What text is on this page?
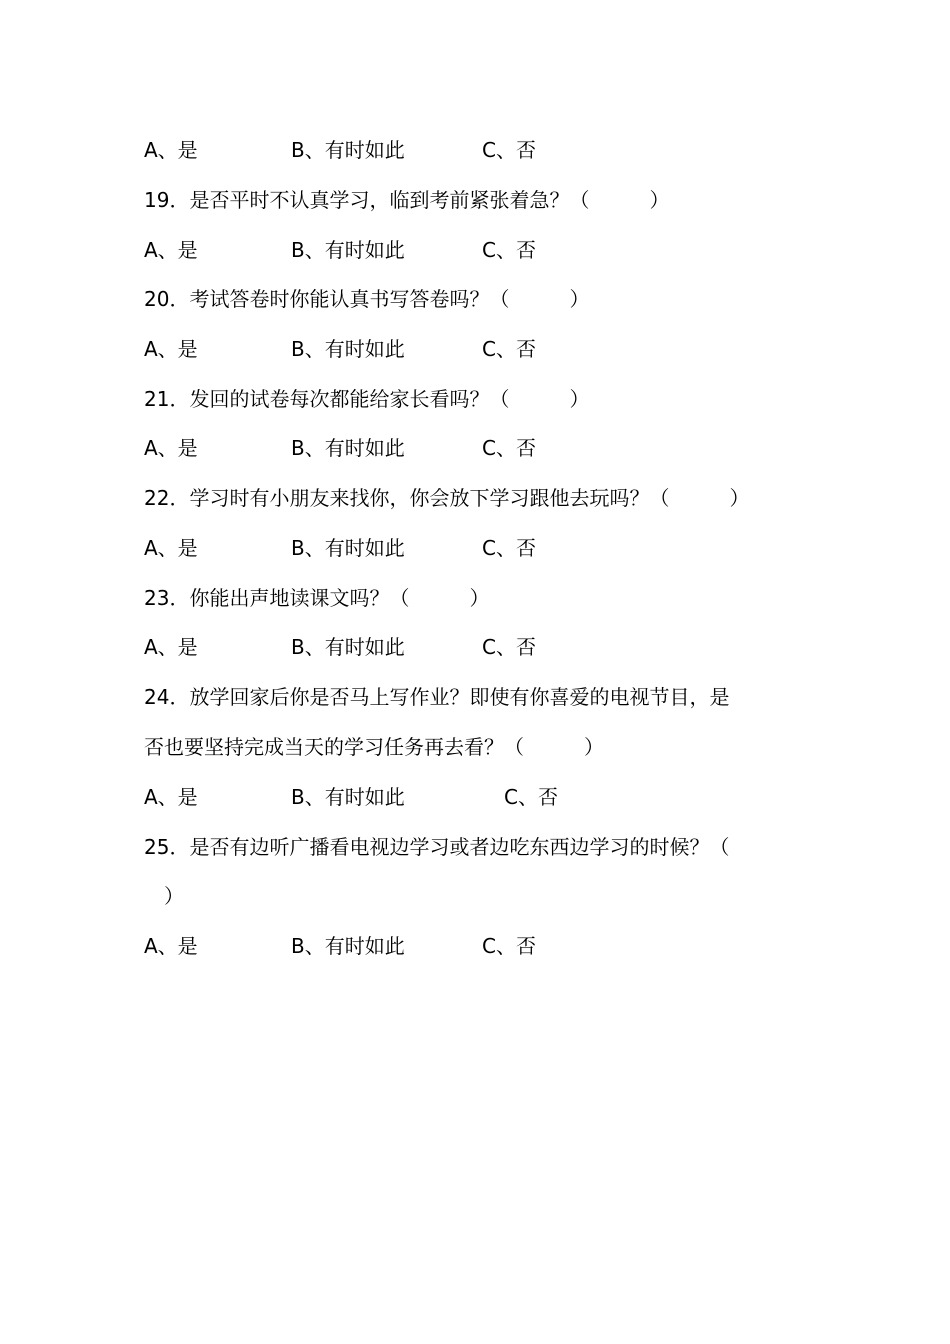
A、是	B、有时如此	C、否
19．是否平时不认真学习，临到考前紧张着急？（　　　）
A、是	B、有时如此	C、否
20．考试答卷时你能认真书写答卷吗？（　　　）
A、是	B、有时如此	C、否
21．发回的试卷每次都能给家长看吗？（　　　）
A、是	B、有时如此	C、否
22．学习时有小朋友来找你，你会放下学习跟他去玩吗？（　　　）
A、是	B、有时如此	C、否
23．你能出声地读课文吗？（　　　）
A、是	B、有时如此	C、否
24．放学回家后你是否马上写作业？即使有你喜爱的电视节目，是
否也要坚持完成当天的学习任务再去看？（　　　）
A、是	B、有时如此	C、否
25．是否有边听广播看电视边学习或者边吃东西边学习的时候？（
　）
A、是	B、有时如此	C、否
